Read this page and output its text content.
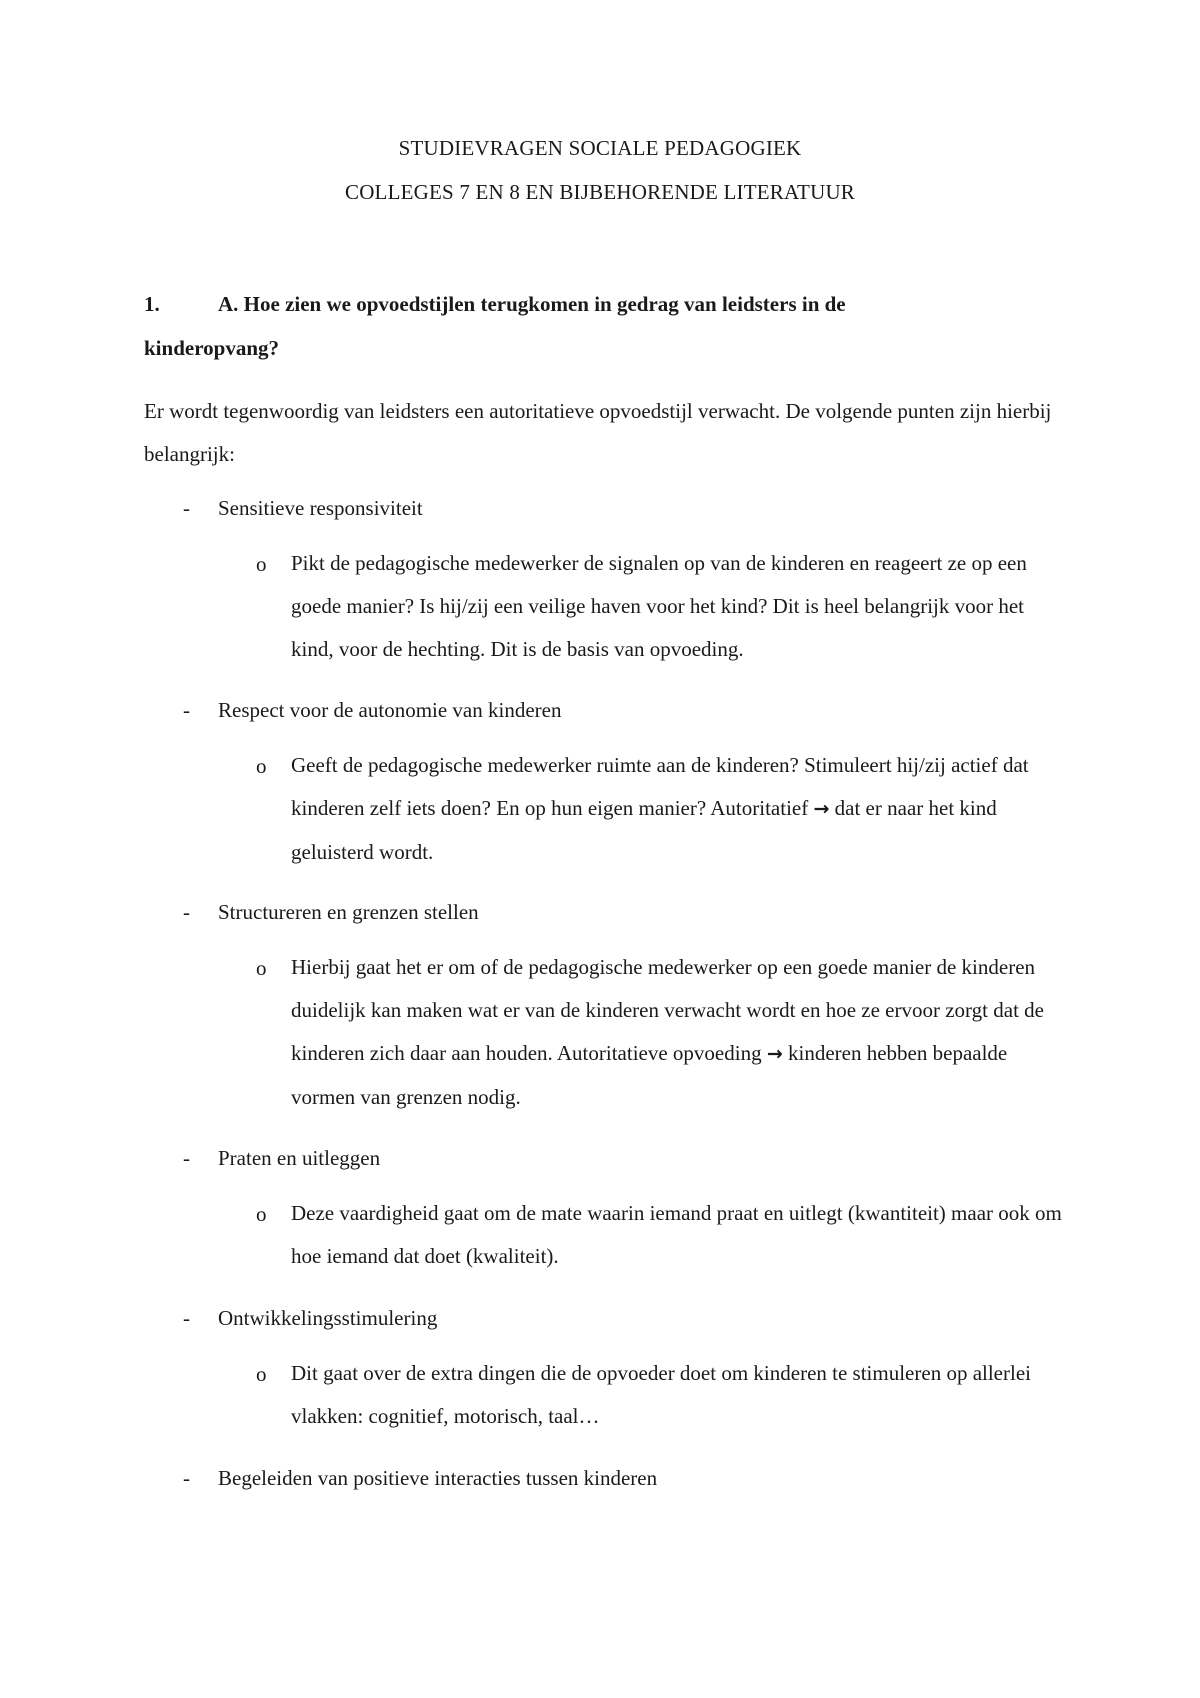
STUDIEVRAGEN SOCIALE PEDAGOGIEK
COLLEGES 7 EN 8 EN BIJBEHORENDE LITERATUUR
1.	A. Hoe zien we opvoedstijlen terugkomen in gedrag van leidsters in de
kinderopvang?
Er wordt tegenwoordig van leidsters een autoritatieve opvoedstijl verwacht. De volgende punten zijn hierbij belangrijk:
- Sensitieve responsiviteit
o Pikt de pedagogische medewerker de signalen op van de kinderen en reageert ze op een goede manier? Is hij/zij een veilige haven voor het kind? Dit is heel belangrijk voor het kind, voor de hechting. Dit is de basis van opvoeding.
- Respect voor de autonomie van kinderen
o Geeft de pedagogische medewerker ruimte aan de kinderen? Stimuleert hij/zij actief dat kinderen zelf iets doen? En op hun eigen manier? Autoritatief → dat er naar het kind geluisterd wordt.
- Structureren en grenzen stellen
o Hierbij gaat het er om of de pedagogische medewerker op een goede manier de kinderen duidelijk kan maken wat er van de kinderen verwacht wordt en hoe ze ervoor zorgt dat de kinderen zich daar aan houden. Autoritatieve opvoeding → kinderen hebben bepaalde vormen van grenzen nodig.
- Praten en uitleggen
o Deze vaardigheid gaat om de mate waarin iemand praat en uitlegt (kwantiteit) maar ook om hoe iemand dat doet (kwaliteit).
- Ontwikkelingsstimulering
o Dit gaat over de extra dingen die de opvoeder doet om kinderen te stimuleren op allerlei vlakken: cognitief, motorisch, taal…
- Begeleiden van positieve interacties tussen kinderen
